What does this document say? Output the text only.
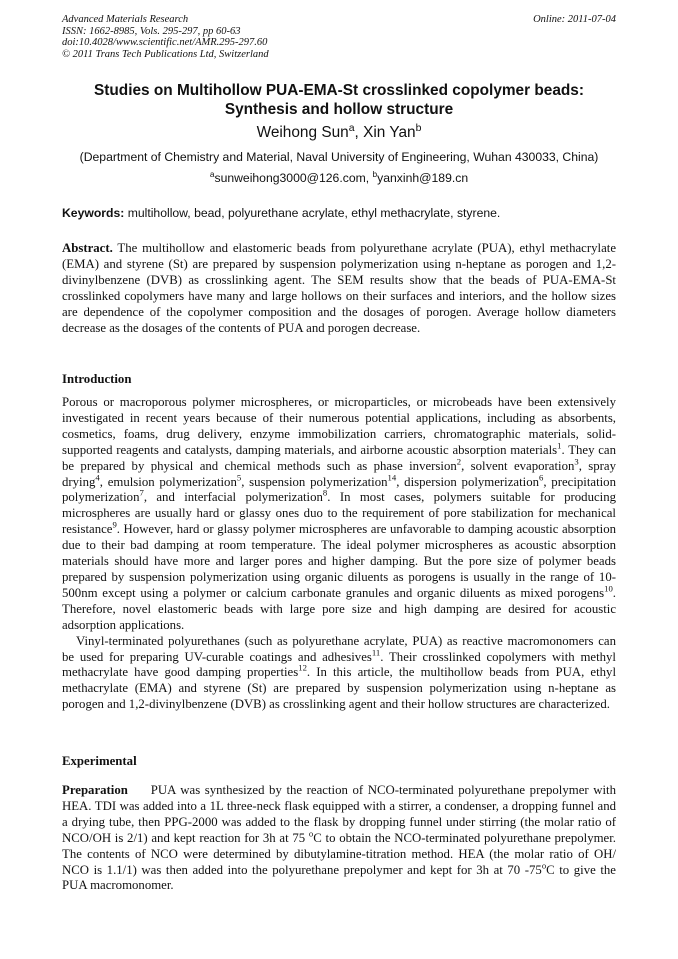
Advanced Materials Research
ISSN: 1662-8985, Vols. 295-297, pp 60-63
doi:10.4028/www.scientific.net/AMR.295-297.60
© 2011 Trans Tech Publications Ltd, Switzerland
Online: 2011-07-04
Studies on Multihollow PUA-EMA-St crosslinked copolymer beads:
Synthesis and hollow structure
Weihong Sun$^a$, Xin Yan$^b$
(Department of Chemistry and Material, Naval University of Engineering, Wuhan 430033, China)
$^a$sunweihong3000@126.com, $^b$yanxinh@189.cn
Keywords: multihollow, bead, polyurethane acrylate, ethyl methacrylate, styrene.
Abstract. The multihollow and elastomeric beads from polyurethane acrylate (PUA), ethyl methacrylate (EMA) and styrene (St) are prepared by suspension polymerization using n-heptane as porogen and 1,2-divinylbenzene (DVB) as crosslinking agent. The SEM results show that the beads of PUA-EMA-St crosslinked copolymers have many and large hollows on their surfaces and interiors, and the hollow sizes are dependence of the copolymer composition and the dosages of porogen. Average hollow diameters decrease as the dosages of the contents of PUA and porogen decrease.
Introduction
Porous or macroporous polymer microspheres, or microparticles, or microbeads have been extensively investigated in recent years because of their numerous potential applications, including as absorbents, cosmetics, foams, drug delivery, enzyme immobilization carriers, chromatographic materials, solid-supported reagents and catalysts, damping materials, and airborne acoustic absorption materials$^1$. They can be prepared by physical and chemical methods such as phase inversion$^2$, solvent evaporation$^3$, spray drying$^4$, emulsion polymerization$^5$, suspension polymerization$^{14}$, dispersion polymerization$^6$, precipitation polymerization$^7$, and interfacial polymerization$^8$. In most cases, polymers suitable for producing microspheres are usually hard or glassy ones duo to the requirement of pore stabilization for mechanical resistance$^9$. However, hard or glassy polymer microspheres are unfavorable to damping acoustic absorption due to their bad damping at room temperature. The ideal polymer microspheres as acoustic absorption materials should have more and larger pores and higher damping. But the pore size of polymer beads prepared by suspension polymerization using organic diluents as porogens is usually in the range of 10-500nm except using a polymer or calcium carbonate granules and organic diluents as mixed porogens$^{10}$. Therefore, novel elastomeric beads with large pore size and high damping are desired for acoustic adsorption applications.
Vinyl-terminated polyurethanes (such as polyurethane acrylate, PUA) as reactive macromonomers can be used for preparing UV-curable coatings and adhesives$^{11}$. Their crosslinked copolymers with methyl methacrylate have good damping properties$^{12}$. In this article, the multihollow beads from PUA, ethyl methacrylate (EMA) and styrene (St) are prepared by suspension polymerization using n-heptane as porogen and 1,2-divinylbenzene (DVB) as crosslinking agent and their hollow structures are characterized.
Experimental
Preparation     PUA was synthesized by the reaction of NCO-terminated polyurethane prepolymer with HEA. TDI was added into a 1L three-neck flask equipped with a stirrer, a condenser, a dropping funnel and a drying tube, then PPG-2000 was added to the flask by dropping funnel under stirring (the molar ratio of NCO/OH is 2/1) and kept reaction for 3h at 75 $^o$C to obtain the NCO-terminated polyurethane prepolymer. The contents of NCO were determined by dibutylamine-titration method. HEA (the molar ratio of OH/ NCO is 1.1/1) was then added into the polyurethane prepolymer and kept for 3h at 70 -75$^o$C to give the PUA macromonomer.
